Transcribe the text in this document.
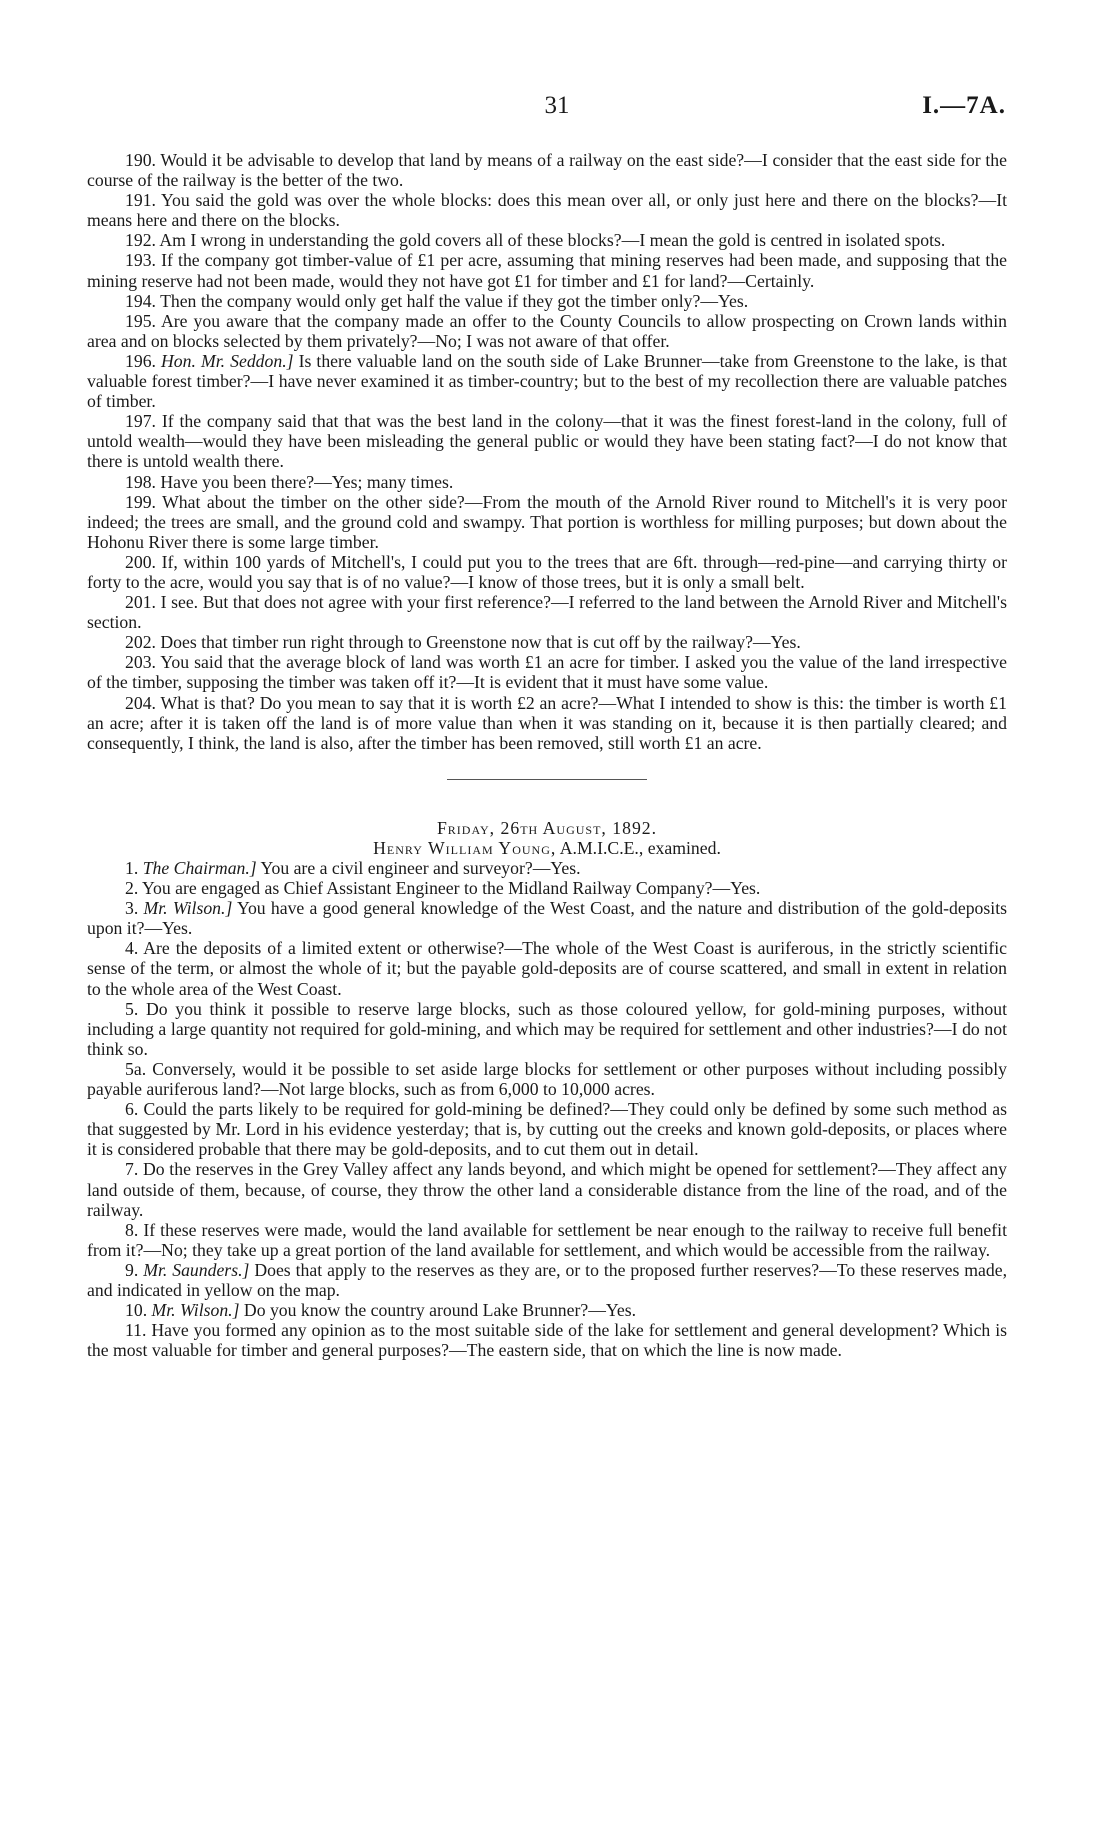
31	I.—7A.

190. Would it be advisable to develop that land by means of a railway on the east side?—I consider that the east side for the course of the railway is the better of the two.

191. You said the gold was over the whole blocks: does this mean over all, or only just here and there on the blocks?—It means here and there on the blocks.

192. Am I wrong in understanding the gold covers all of these blocks?—I mean the gold is centred in isolated spots.

193. If the company got timber-value of £1 per acre, assuming that mining reserves had been made, and supposing that the mining reserve had not been made, would they not have got £1 for timber and £1 for land?—Certainly.

194. Then the company would only get half the value if they got the timber only?—Yes.

195. Are you aware that the company made an offer to the County Councils to allow prospecting on Crown lands within area and on blocks selected by them privately?—No; I was not aware of that offer.

196. Hon. Mr. Seddon.] Is there valuable land on the south side of Lake Brunner—take from Greenstone to the lake, is that valuable forest timber?—I have never examined it as timber-country; but to the best of my recollection there are valuable patches of timber.

197. If the company said that that was the best land in the colony—that it was the finest forest-land in the colony, full of untold wealth—would they have been misleading the general public or would they have been stating fact?—I do not know that there is untold wealth there.

198. Have you been there?—Yes; many times.

199. What about the timber on the other side?—From the mouth of the Arnold River round to Mitchell's it is very poor indeed; the trees are small, and the ground cold and swampy. That portion is worthless for milling purposes; but down about the Hohonu River there is some large timber.

200. If, within 100 yards of Mitchell's, I could put you to the trees that are 6ft. through—red-pine—and carrying thirty or forty to the acre, would you say that is of no value?—I know of those trees, but it is only a small belt.

201. I see. But that does not agree with your first reference?—I referred to the land between the Arnold River and Mitchell's section.

202. Does that timber run right through to Greenstone now that is cut off by the railway?—Yes.

203. You said that the average block of land was worth £1 an acre for timber. I asked you the value of the land irrespective of the timber, supposing the timber was taken off it?—It is evident that it must have some value.

204. What is that? Do you mean to say that it is worth £2 an acre?—What I intended to show is this: the timber is worth £1 an acre; after it is taken off the land is of more value than when it was standing on it, because it is then partially cleared; and consequently, I think, the land is also, after the timber has been removed, still worth £1 an acre.

Friday, 26th August, 1892.

Henry William Young, A.M.I.C.E., examined.

1. The Chairman.] You are a civil engineer and surveyor?—Yes.

2. You are engaged as Chief Assistant Engineer to the Midland Railway Company?—Yes.

3. Mr. Wilson.] You have a good general knowledge of the West Coast, and the nature and distribution of the gold-deposits upon it?—Yes.

4. Are the deposits of a limited extent or otherwise?—The whole of the West Coast is auriferous, in the strictly scientific sense of the term, or almost the whole of it; but the payable gold-deposits are of course scattered, and small in extent in relation to the whole area of the West Coast.

5. Do you think it possible to reserve large blocks, such as those coloured yellow, for gold-mining purposes, without including a large quantity not required for gold-mining, and which may be required for settlement and other industries?—I do not think so.

5a. Conversely, would it be possible to set aside large blocks for settlement or other purposes without including possibly payable auriferous land?—Not large blocks, such as from 6,000 to 10,000 acres.

6. Could the parts likely to be required for gold-mining be defined?—They could only be defined by some such method as that suggested by Mr. Lord in his evidence yesterday; that is, by cutting out the creeks and known gold-deposits, or places where it is considered probable that there may be gold-deposits, and to cut them out in detail.

7. Do the reserves in the Grey Valley affect any lands beyond, and which might be opened for settlement?—They affect any land outside of them, because, of course, they throw the other land a considerable distance from the line of the road, and of the railway.

8. If these reserves were made, would the land available for settlement be near enough to the railway to receive full benefit from it?—No; they take up a great portion of the land available for settlement, and which would be accessible from the railway.

9. Mr. Saunders.] Does that apply to the reserves as they are, or to the proposed further reserves?—To these reserves made, and indicated in yellow on the map.

10. Mr. Wilson.] Do you know the country around Lake Brunner?—Yes.

11. Have you formed any opinion as to the most suitable side of the lake for settlement and general development? Which is the most valuable for timber and general purposes?—The eastern side, that on which the line is now made.
